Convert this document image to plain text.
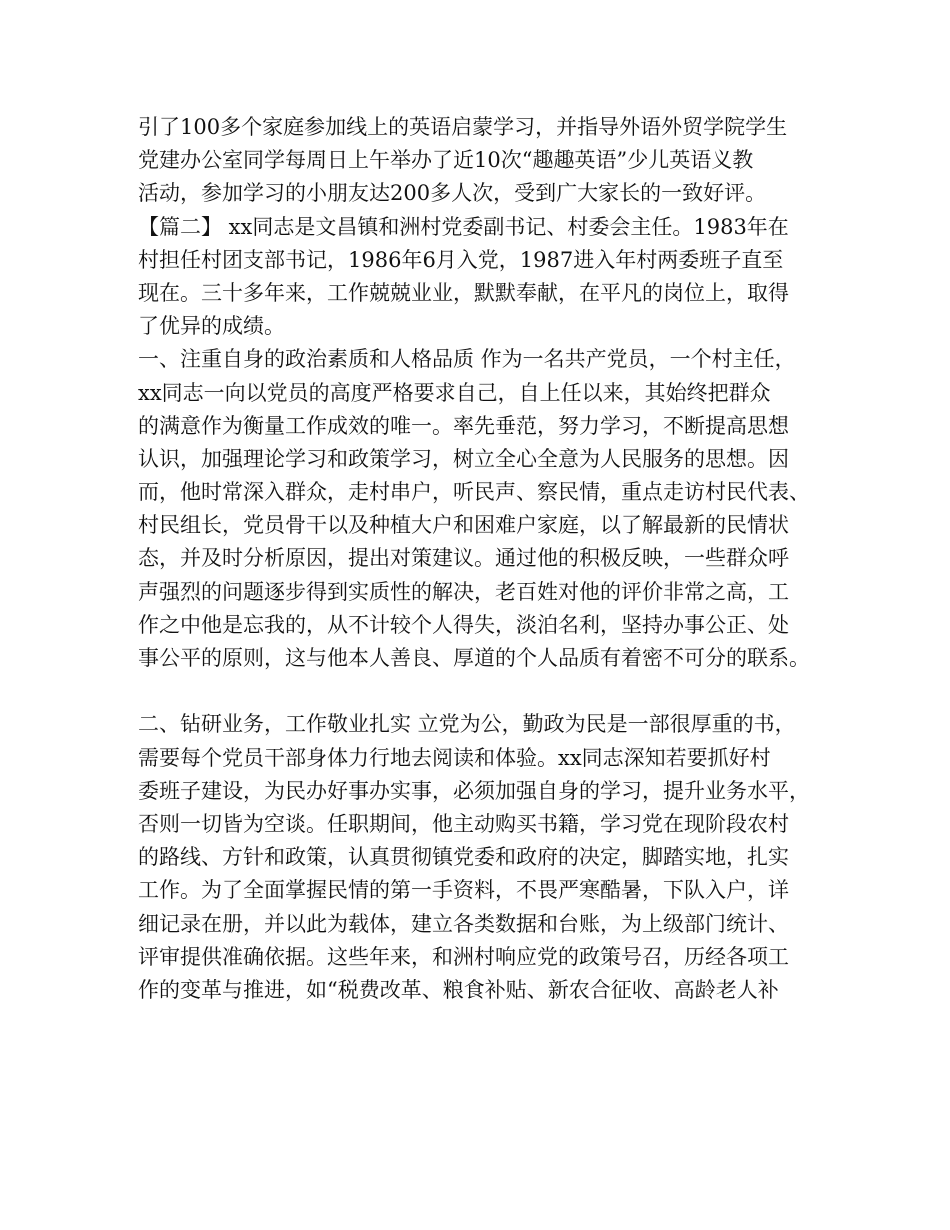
引了100多个家庭参加线上的英语启蒙学习，并指导外语外贸学院学生
党建办公室同学每周日上午举办了近10次“趣趣英语”少儿英语义教
活动，参加学习的小朋友达200多人次，受到广大家长的一致好评。
【篇二】 xx同志是文昌镇和洲村党委副书记、村委会主任。1983年在
村担任村团支部书记，1986年6月入党，1987进入年村两委班子直至
现在。三十多年来，工作兢兢业业，默默奉献，在平凡的岗位上，取得
了优异的成绩。
一、注重自身的政治素质和人格品质 作为一名共产党员，一个村主任，
xx同志一向以党员的高度严格要求自己，自上任以来，其始终把群众
的满意作为衡量工作成效的唯一。率先垂范，努力学习，不断提高思想
认识，加强理论学习和政策学习，树立全心全意为人民服务的思想。因
而，他时常深入群众，走村串户，听民声、察民情，重点走访村民代表、
村民组长，党员骨干以及种植大户和困难户家庭，以了解最新的民情状
态，并及时分析原因，提出对策建议。通过他的积极反映，一些群众呼
声强烈的问题逐步得到实质性的解决，老百姓对他的评价非常之高，工
作之中他是忘我的，从不计较个人得失，淡泊名利，坚持办事公正、处
事公平的原则，这与他本人善良、厚道的个人品质有着密不可分的联系。
二、钻研业务，工作敬业扎实 立党为公，勤政为民是一部很厚重的书，
需要每个党员干部身体力行地去阅读和体验。xx同志深知若要抓好村
委班子建设，为民办好事办实事，必须加强自身的学习，提升业务水平，
否则一切皆为空谈。任职期间，他主动购买书籍，学习党在现阶段农村
的路线、方针和政策，认真贯彻镇党委和政府的决定，脚踏实地，扎实
工作。为了全面掌握民情的第一手资料，不畏严寒酷暑，下队入户，详
细记录在册，并以此为载体，建立各类数据和台账，为上级部门统计、
评审提供准确依据。这些年来，和洲村响应党的政策号召，历经各项工
作的变革与推进，如“税费改革、粮食补贴、新农合征收、高龄老人补
